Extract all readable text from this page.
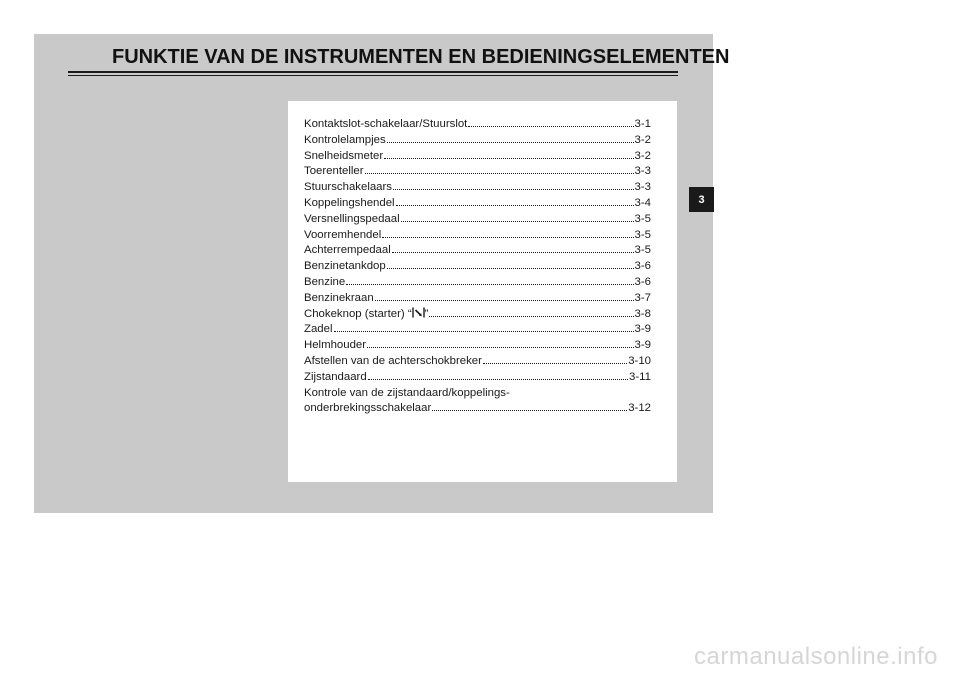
FUNKTIE VAN DE INSTRUMENTEN EN BEDIENINGSELEMENTEN
Kontaktslot-schakelaar/Stuurslot	3-1
Kontrolelampjes	3-2
Snelheidsmeter	3-2
Toerenteller	3-3
Stuurschakelaars	3-3
Koppelingshendel	3-4
Versnellingspedaal	3-5
Voorremhendel	3-5
Achterrempedaal	3-5
Benzinetankdop	3-6
Benzine	3-6
Benzinekraan	3-7
Chokeknop (starter) “ ”	3-8
Zadel	3-9
Helmhouder	3-9
Afstellen van de achterschokbreker	3-10
Zijstandaard	3-11
Kontrole van de zijstandaard/koppelings-
onderbrekingsschakelaar	3-12
3
carmanualsonline.info
